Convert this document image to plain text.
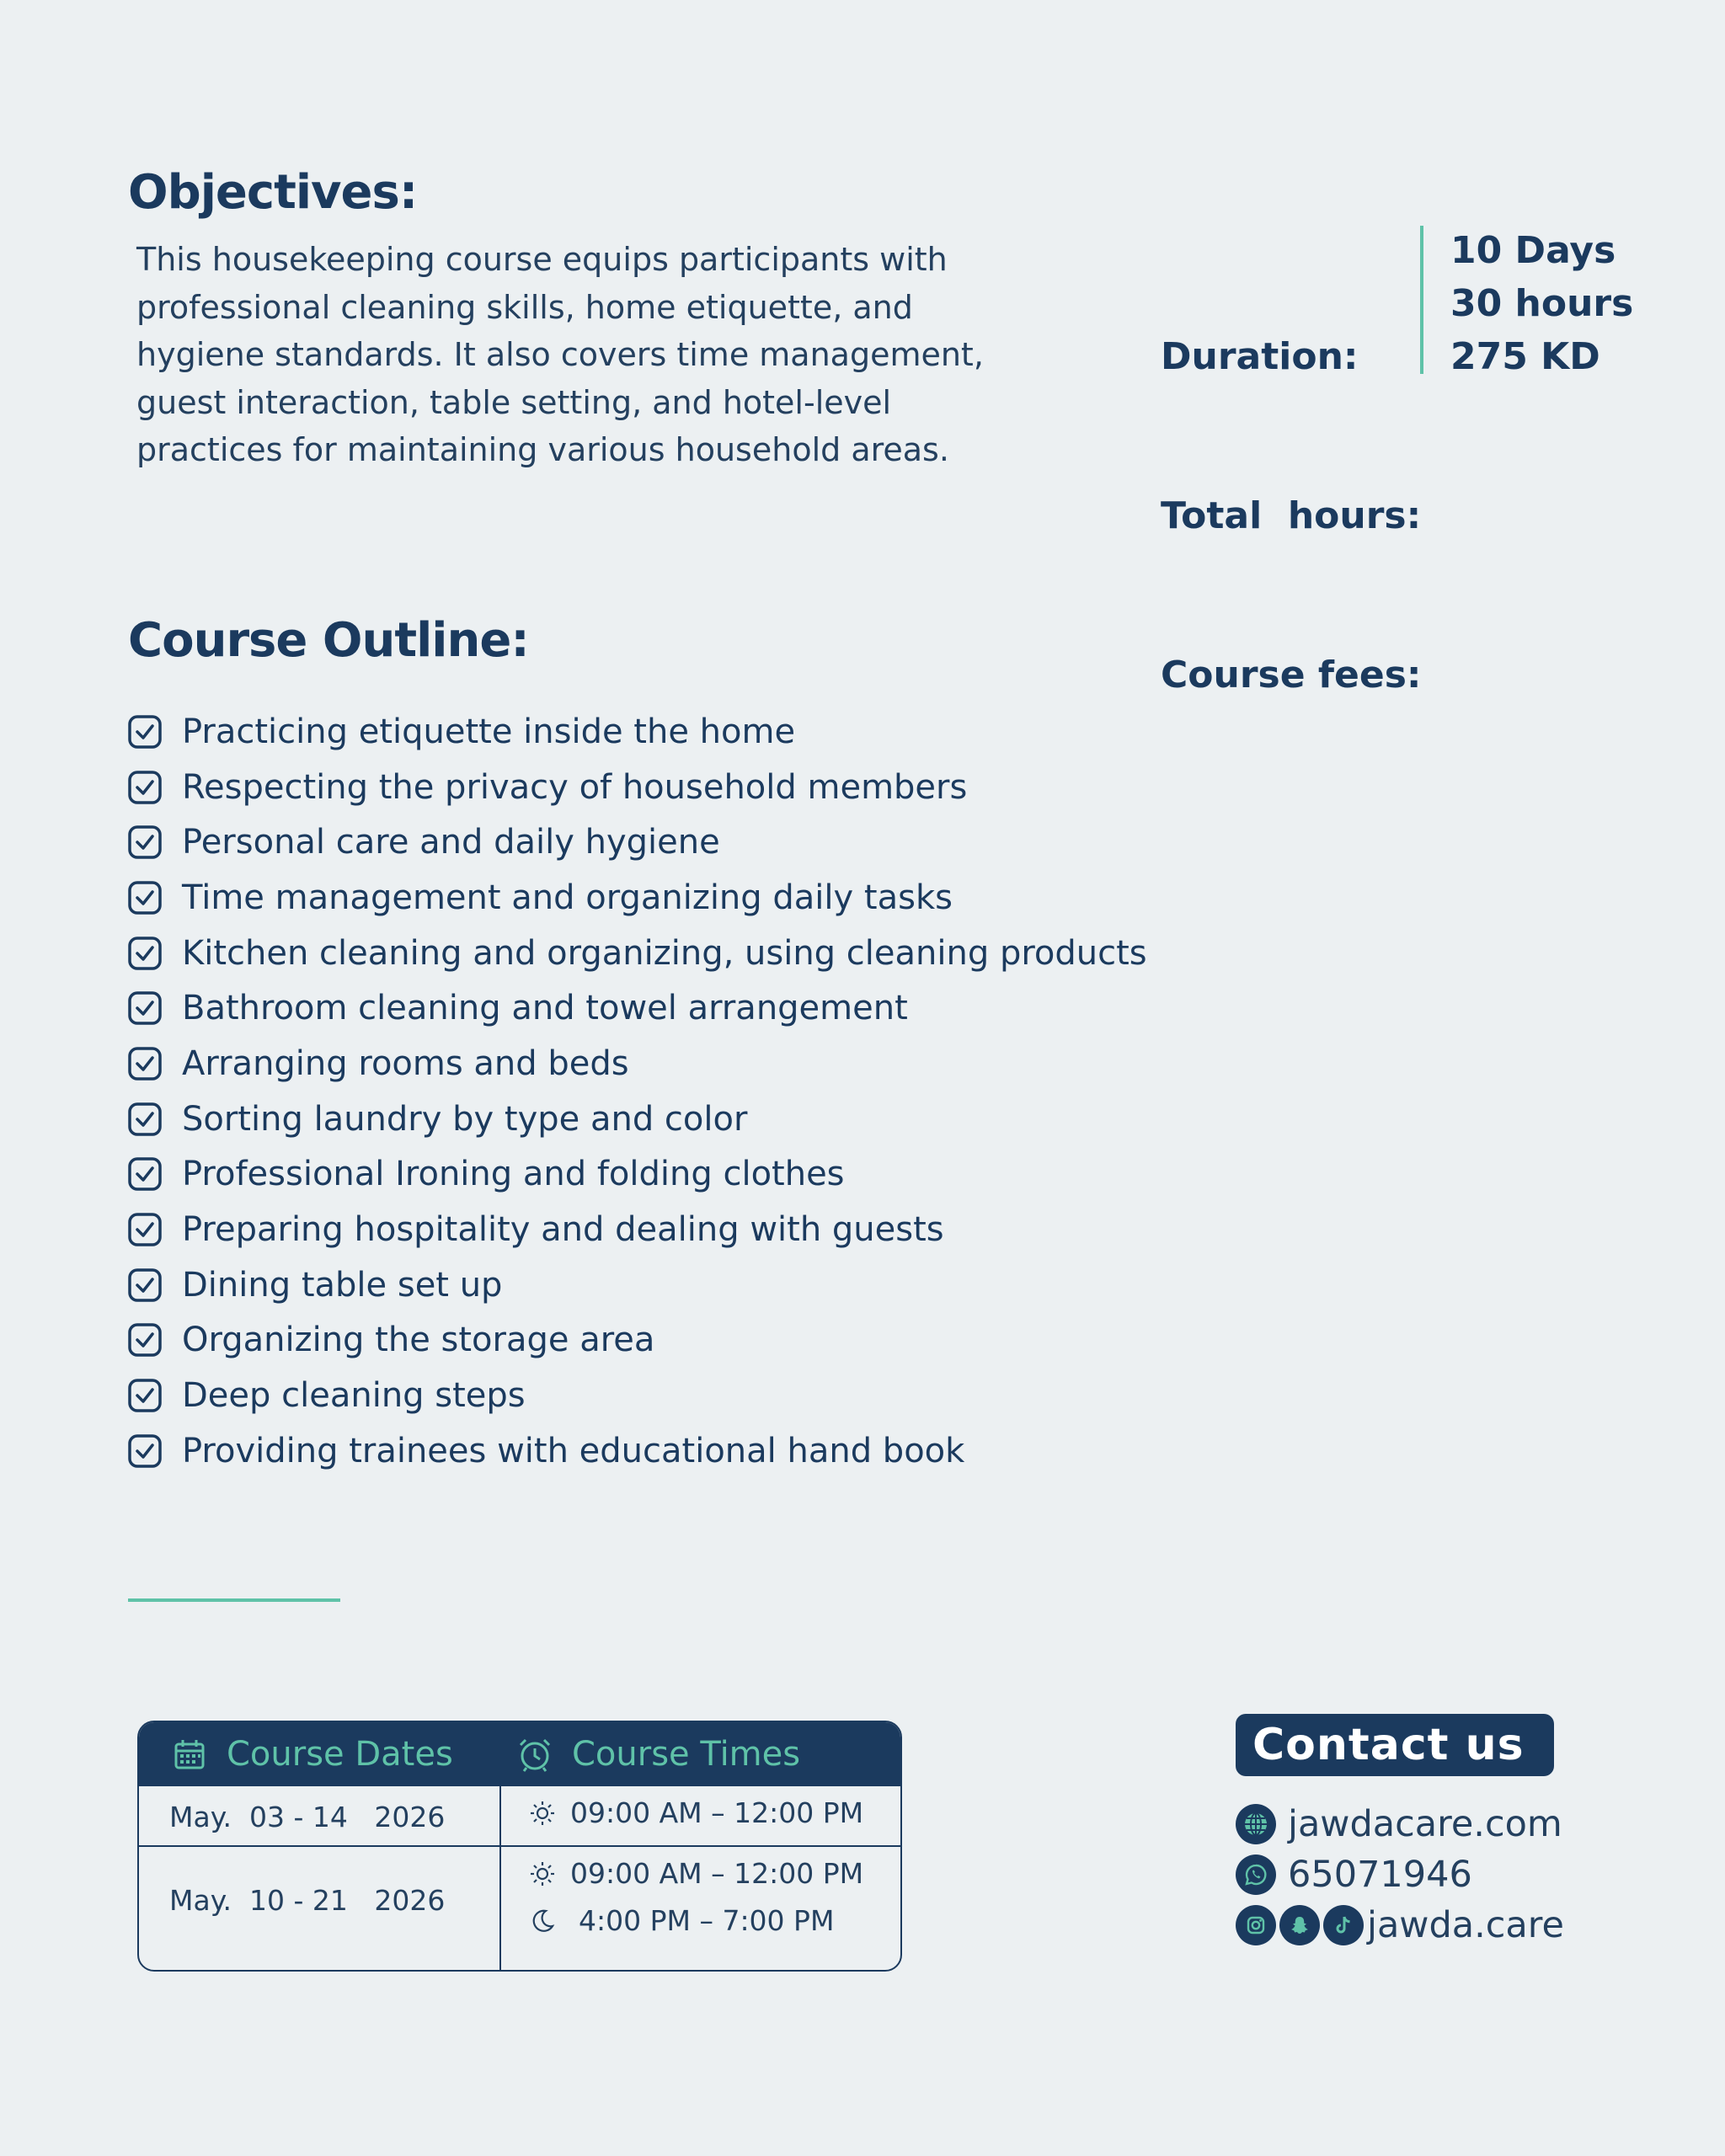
Objectives:
This housekeeping course equips participants with professional cleaning skills, home etiquette, and hygiene standards. It also covers time management, guest interaction, table setting, and hotel-level practices for maintaining various household areas.

Duration:

Total  hours:

Course fees:

10 Days
30 hours
275 KD
Course Outline:
Practicing etiquette inside the home
Respecting the privacy of household members
Personal care and daily hygiene
Time management and organizing daily tasks
Kitchen cleaning and organizing, using cleaning products
Bathroom cleaning and towel arrangement
Arranging rooms and beds
Sorting laundry by type and color
Professional Ironing and folding clothes
Preparing hospitality and dealing with guests
Dining table set up
Organizing the storage area
Deep cleaning steps
Providing trainees with educational hand book
Course Dates	Course Times
May.  03 - 14   2026	09:00 AM – 12:00 PM
May.  10 - 21   2026
09:00 AM – 12:00 PM
4:00 PM – 7:00 PM
Contact us
jawdacare.com
65071946
jawda.care
